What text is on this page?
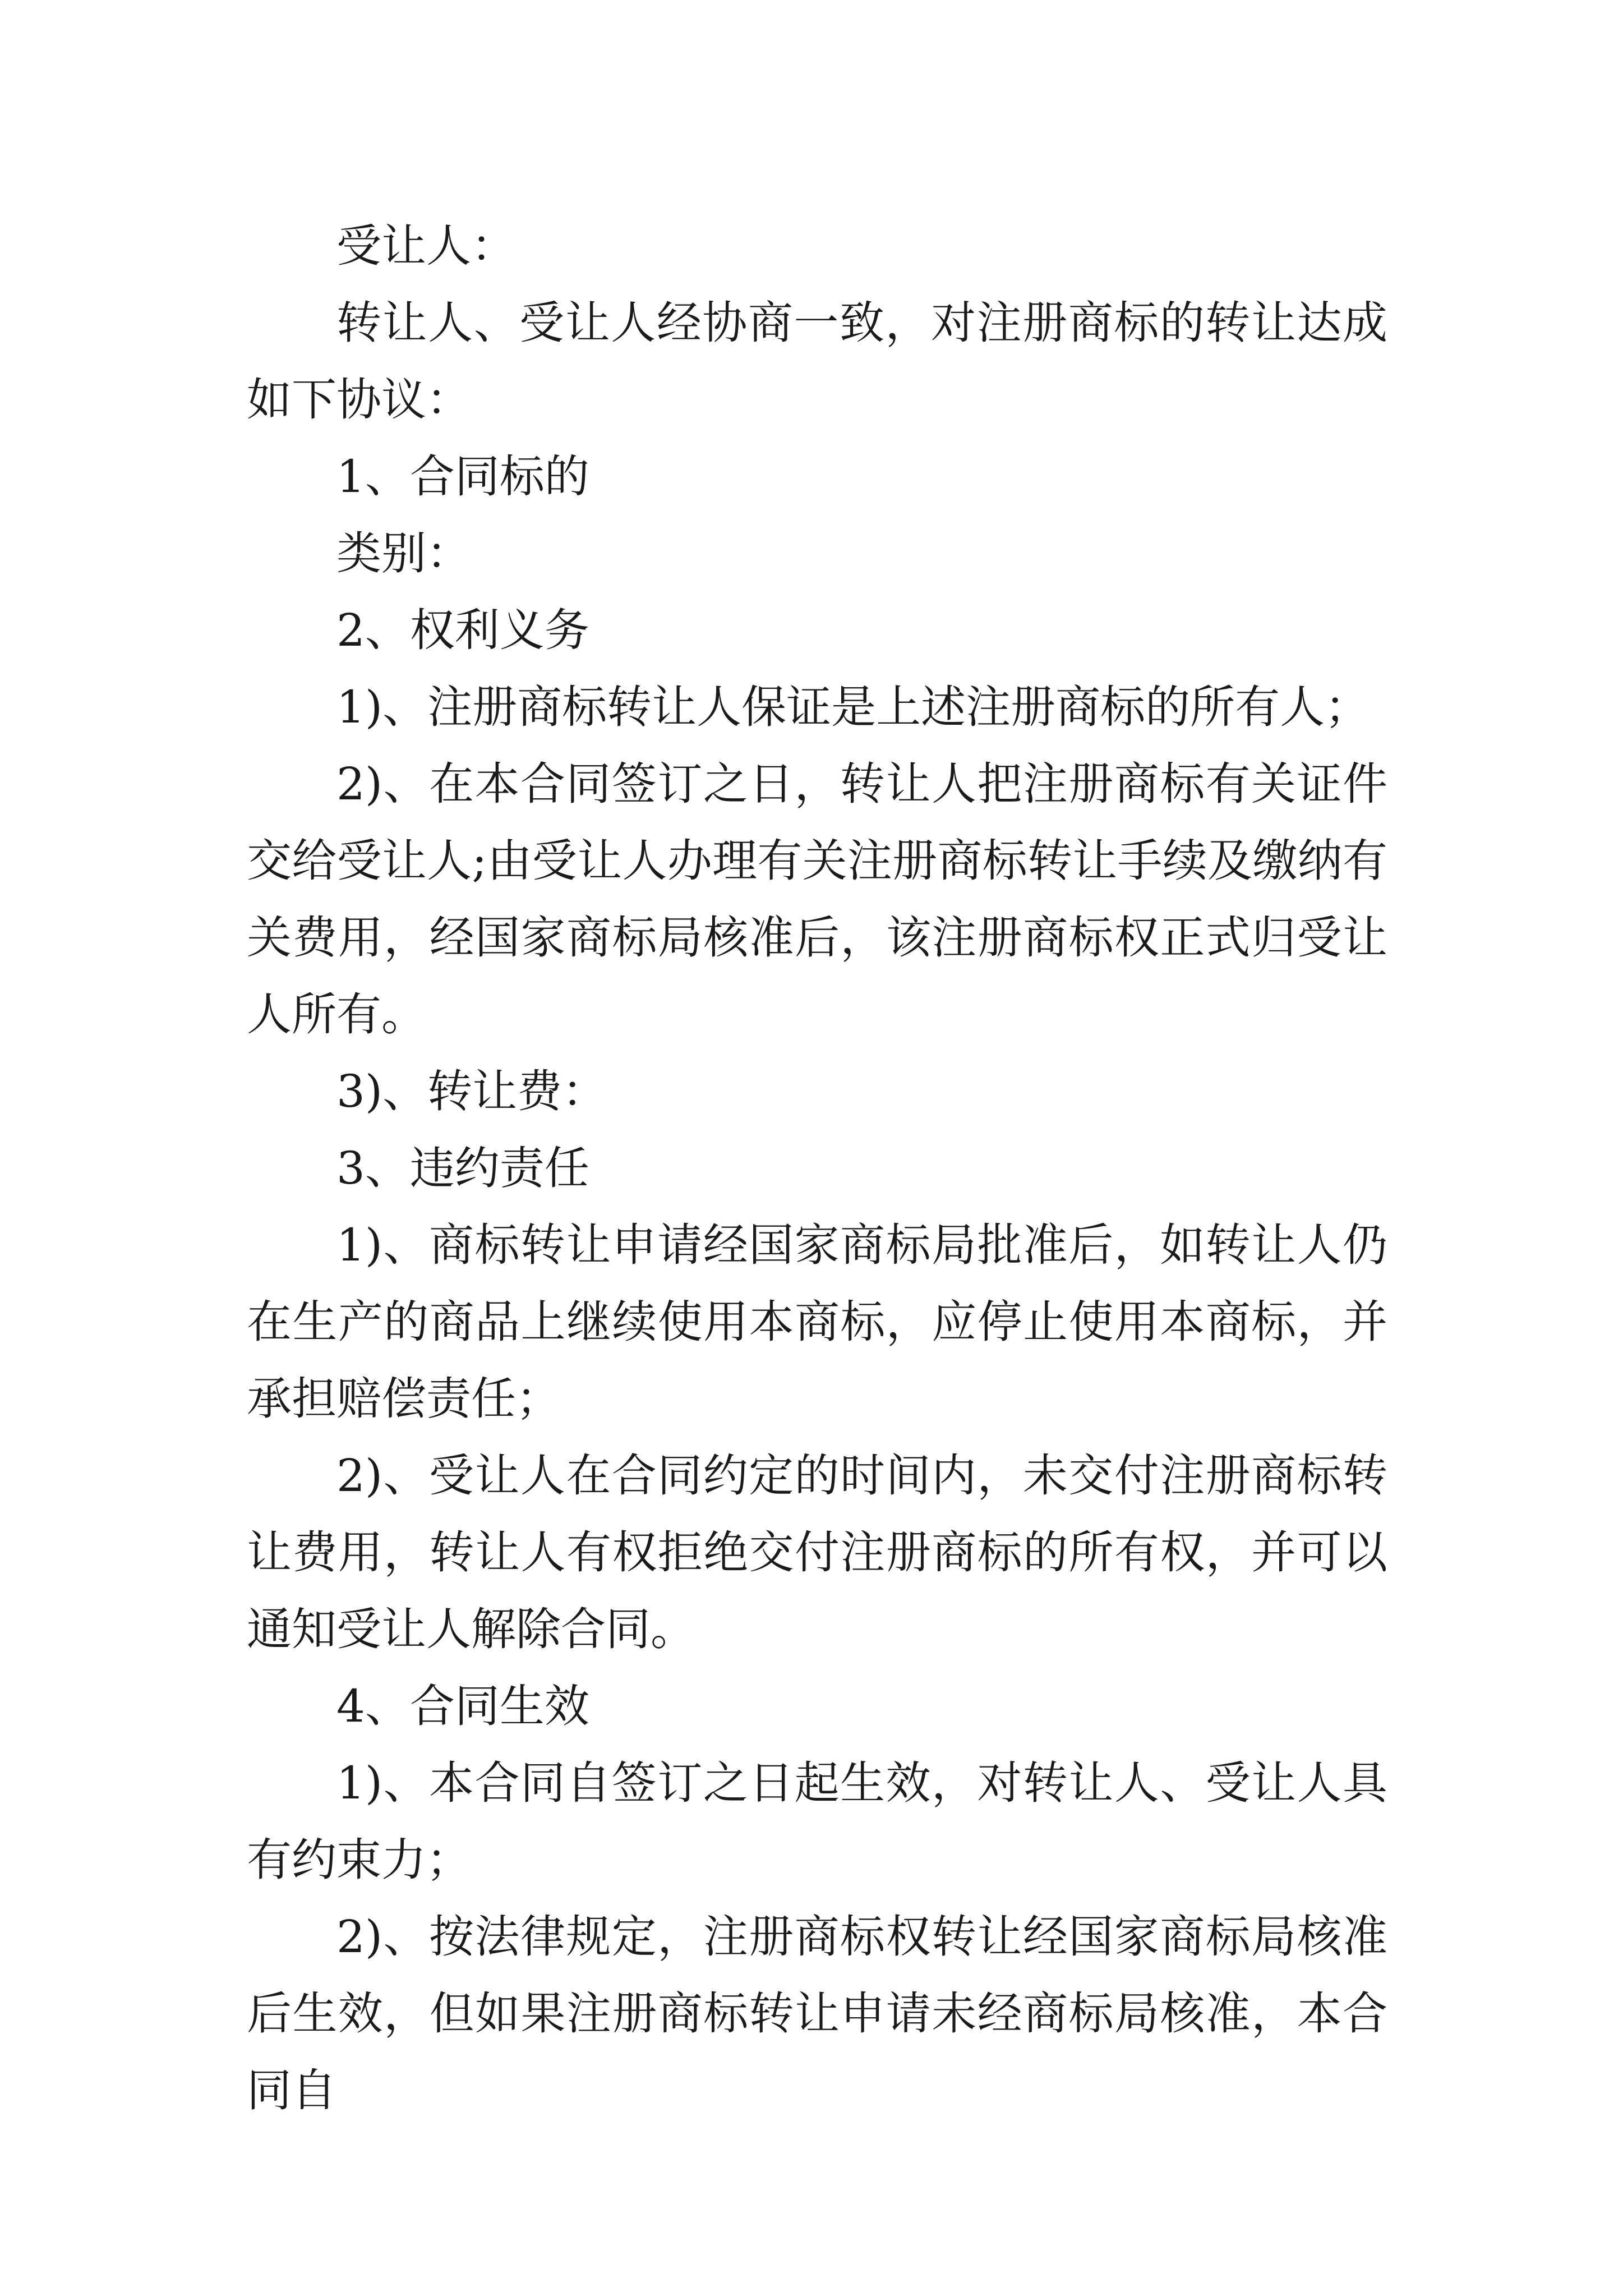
受让人：

转让人、受让人经协商一致，对注册商标的转让达成如下协议：

1、合同标的

类别：

2、权利义务

1)、注册商标转让人保证是上述注册商标的所有人；

2)、在本合同签订之日，转让人把注册商标有关证件交给受让人;由受让人办理有关注册商标转让手续及缴纳有关费用，经国家商标局核准后，该注册商标权正式归受让人所有。

3)、转让费：

3、违约责任

1)、商标转让申请经国家商标局批准后，如转让人仍在生产的商品上继续使用本商标，应停止使用本商标，并承担赔偿责任；

2)、受让人在合同约定的时间内，未交付注册商标转让费用，转让人有权拒绝交付注册商标的所有权，并可以通知受让人解除合同。

4、合同生效

1)、本合同自签订之日起生效，对转让人、受让人具有约束力；

2)、按法律规定，注册商标权转让经国家商标局核准后生效，但如果注册商标转让申请未经商标局核准，本合同自
